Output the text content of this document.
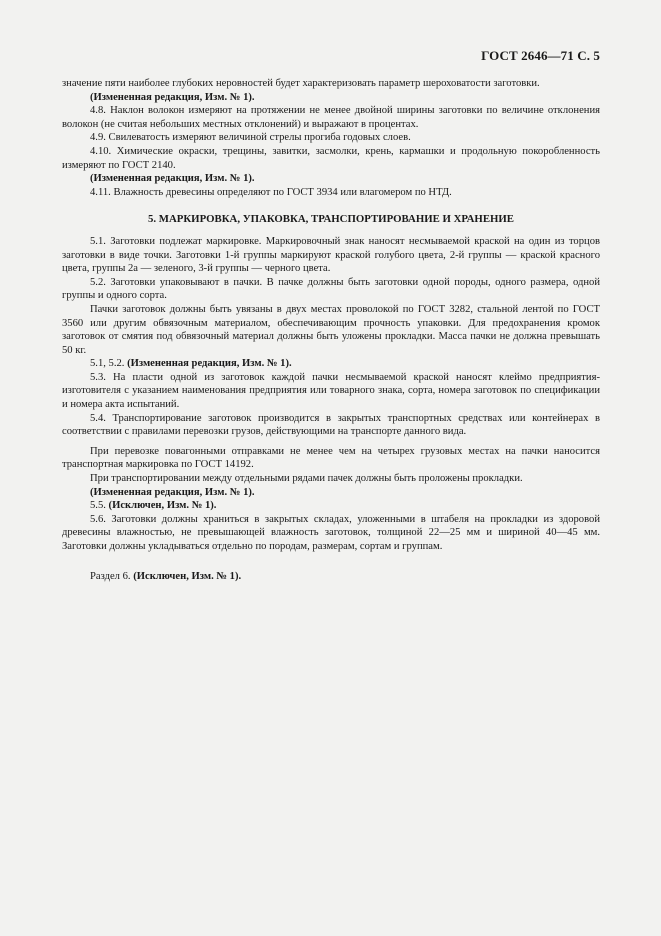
ГОСТ 2646—71 С. 5

значение пяти наиболее глубоких неровностей будет характеризовать параметр шероховатости заготовки.

(Измененная редакция, Изм. № 1).

4.8. Наклон волокон измеряют на протяжении не менее двойной ширины заготовки по величине отклонения волокон (не считая небольших местных отклонений) и выражают в процентах.

4.9. Свилеватость измеряют величиной стрелы прогиба годовых слоев.

4.10. Химические окраски, трещины, завитки, засмолки, крень, кармашки и продольную покоробленность измеряют по ГОСТ 2140.

(Измененная редакция, Изм. № 1).

4.11. Влажность древесины определяют по ГОСТ 3934 или влагомером по НТД.

5. МАРКИРОВКА, УПАКОВКА, ТРАНСПОРТИРОВАНИЕ И ХРАНЕНИЕ

5.1. Заготовки подлежат маркировке. Маркировочный знак наносят несмываемой краской на один из торцов заготовки в виде точки. Заготовки 1-й группы маркируют краской голубого цвета, 2-й группы — краской красного цвета, группы 2а — зеленого, 3-й группы — черного цвета.

5.2. Заготовки упаковывают в пачки. В пачке должны быть заготовки одной породы, одного размера, одной группы и одного сорта.

Пачки заготовок должны быть увязаны в двух местах проволокой по ГОСТ 3282, стальной лентой по ГОСТ 3560 или другим обвязочным материалом, обеспечивающим прочность упаковки. Для предохранения кромок заготовок от смятия под обвязочный материал должны быть уложены прокладки. Масса пачки не должна превышать 50 кг.

5.1, 5.2. (Измененная редакция, Изм. № 1).

5.3. На пласти одной из заготовок каждой пачки несмываемой краской наносят клеймо предприятия-изготовителя с указанием наименования предприятия или товарного знака, сорта, номера заготовок по спецификации и номера акта испытаний.

5.4. Транспортирование заготовок производится в закрытых транспортных средствах или контейнерах в соответствии с правилами перевозки грузов, действующими на транспорте данного вида.

При перевозке повагонными отправками не менее чем на четырех грузовых местах на пачки наносится транспортная маркировка по ГОСТ 14192.

При транспортировании между отдельными рядами пачек должны быть проложены прокладки.

(Измененная редакция, Изм. № 1).

5.5. (Исключен, Изм. № 1).

5.6. Заготовки должны храниться в закрытых складах, уложенными в штабеля на прокладки из здоровой древесины влажностью, не превышающей влажность заготовок, толщиной 22—25 мм и шириной 40—45 мм. Заготовки должны укладываться отдельно по породам, размерам, сортам и группам.

Раздел 6. (Исключен, Изм. № 1).
